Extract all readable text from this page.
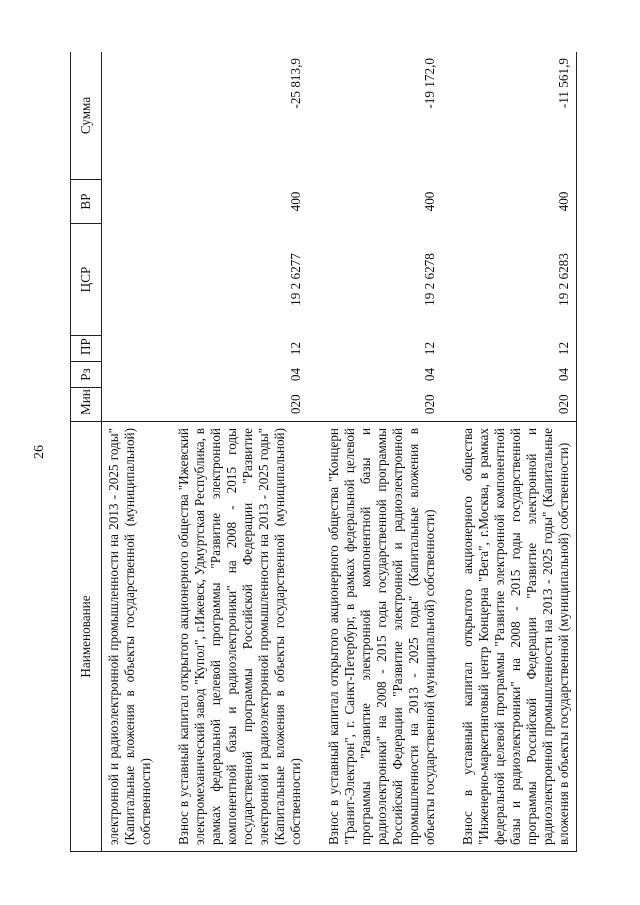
26
Наименование	Мин	Рз	ПР	ЦСР	ВР	Сумма
электронной и радиоэлектронной промышленности на 2013 - 2025 годы" (Капитальные вложения в объекты государственной (муниципальной) собственности)						

Взнос в уставный капитал открытого акционерного общества "Ижевский электромеханический завод "Купол", г.Ижевск, Удмуртская Республика, в рамках федеральной целевой программы "Развитие электронной компонентной базы и радиоэлектроники" на 2008 - 2015 годы государственной программы Российской Федерации "Развитие электронной и радиоэлектронной промышленности на 2013 - 2025 годы" (Капитальные вложения в объекты государственной (муниципальной) собственности)	020	04	12	19 2 6277	400	-25 813,9

Взнос в уставный капитал открытого акционерного общества "Концерн "Гранит-Электрон", г. Санкт-Петербург, в рамках федеральной целевой программы "Развитие электронной компонентной базы и радиоэлектроники" на 2008 - 2015 годы государственной программы Российской Федерации "Развитие электронной и радиоэлектронной промышленности на 2013 - 2025 годы" (Капитальные вложения в объекты государственной (муниципальной) собственности)	020	04	12	19 2 6278	400	-19 172,0

Взнос в уставный капитал открытого акционерного общества "Инженерно-маркетинговый центр Концерна "Вега", г.Москва, в рамках федеральной целевой программы "Развитие электронной компонентной базы и радиоэлектроники" на 2008 - 2015 годы государственной программы Российской Федерации "Развитие электронной и радиоэлектронной промышленности на 2013 - 2025 годы" (Капитальные вложения в объекты государственной (муниципальной) собственности)	020	04	12	19 2 6283	400	-11 561,9
